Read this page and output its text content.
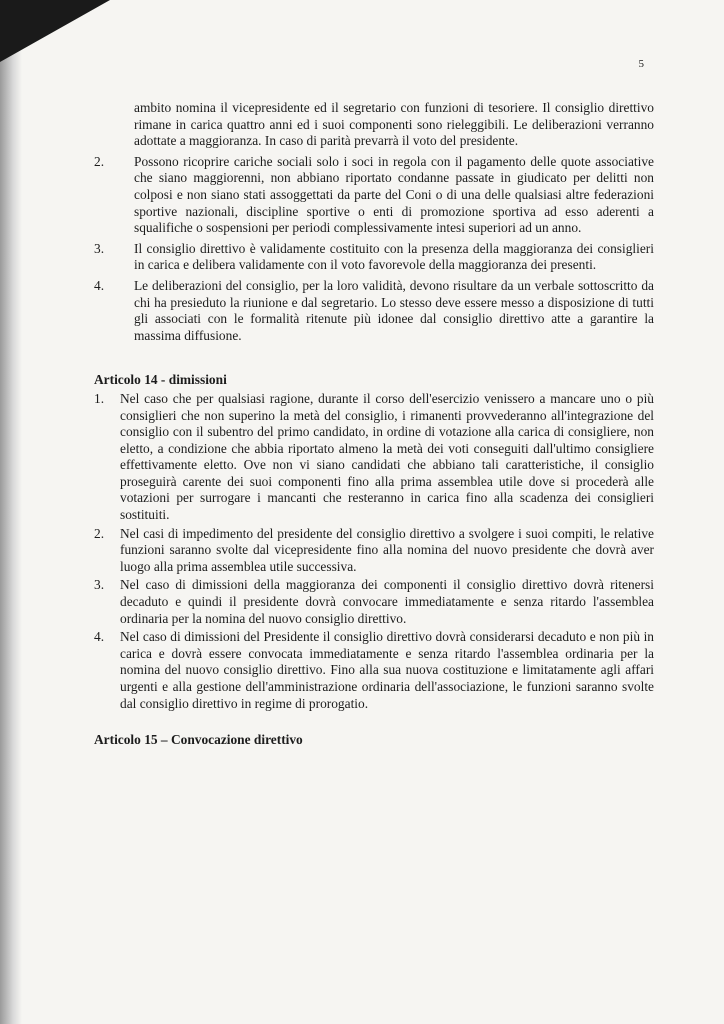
5

ambito nomina il vicepresidente ed il segretario con funzioni di tesoriere. Il consiglio direttivo rimane in carica quattro anni ed i suoi componenti sono rieleggibili. Le deliberazioni verranno adottate a maggioranza. In caso di parità prevarrà il voto del presidente.

2. Possono ricoprire cariche sociali solo i soci in regola con il pagamento delle quote associative che siano maggiorenni, non abbiano riportato condanne passate in giudicato per delitti non colposi e non siano stati assoggettati da parte del Coni o di una delle qualsiasi altre federazioni sportive nazionali, discipline sportive o enti di promozione sportiva ad esso aderenti a squalifiche o sospensioni per periodi complessivamente intesi superiori ad un anno.
3. Il consiglio direttivo è validamente costituito con la presenza della maggioranza dei consiglieri in carica e delibera validamente con il voto favorevole della maggioranza dei presenti.
4. Le deliberazioni del consiglio, per la loro validità, devono risultare da un verbale sottoscritto da chi ha presieduto la riunione e dal segretario. Lo stesso deve essere messo a disposizione di tutti gli associati con le formalità ritenute più idonee dal consiglio direttivo atte a garantire la massima diffusione.
Articolo 14 - dimissioni
1. Nel caso che per qualsiasi ragione, durante il corso dell'esercizio venissero a mancare uno o più consiglieri che non superino la metà del consiglio, i rimanenti provvederanno all'integrazione del consiglio con il subentro del primo candidato, in ordine di votazione alla carica di consigliere, non eletto, a condizione che abbia riportato almeno la metà dei voti conseguiti dall'ultimo consigliere effettivamente eletto. Ove non vi siano candidati che abbiano tali caratteristiche, il consiglio proseguirà carente dei suoi componenti fino alla prima assemblea utile dove si procederà alle votazioni per surrogare i mancanti che resteranno in carica fino alla scadenza dei consiglieri sostituiti.
2. Nel casi di impedimento del presidente del consiglio direttivo a svolgere i suoi compiti, le relative funzioni saranno svolte dal vicepresidente fino alla nomina del nuovo presidente che dovrà aver luogo alla prima assemblea utile successiva.
3. Nel caso di dimissioni della maggioranza dei componenti il consiglio direttivo dovrà ritenersi decaduto e quindi il presidente dovrà convocare immediatamente e senza ritardo l'assemblea ordinaria per la nomina del nuovo consiglio direttivo.
4. Nel caso di dimissioni del Presidente il consiglio direttivo dovrà considerarsi decaduto e non più in carica e dovrà essere convocata immediatamente e senza ritardo l'assemblea ordinaria per la nomina del nuovo consiglio direttivo. Fino alla sua nuova costituzione e limitatamente agli affari urgenti e alla gestione dell'amministrazione ordinaria dell'associazione, le funzioni saranno svolte dal consiglio direttivo in regime di prorogatio.
Articolo 15 – Convocazione direttivo
